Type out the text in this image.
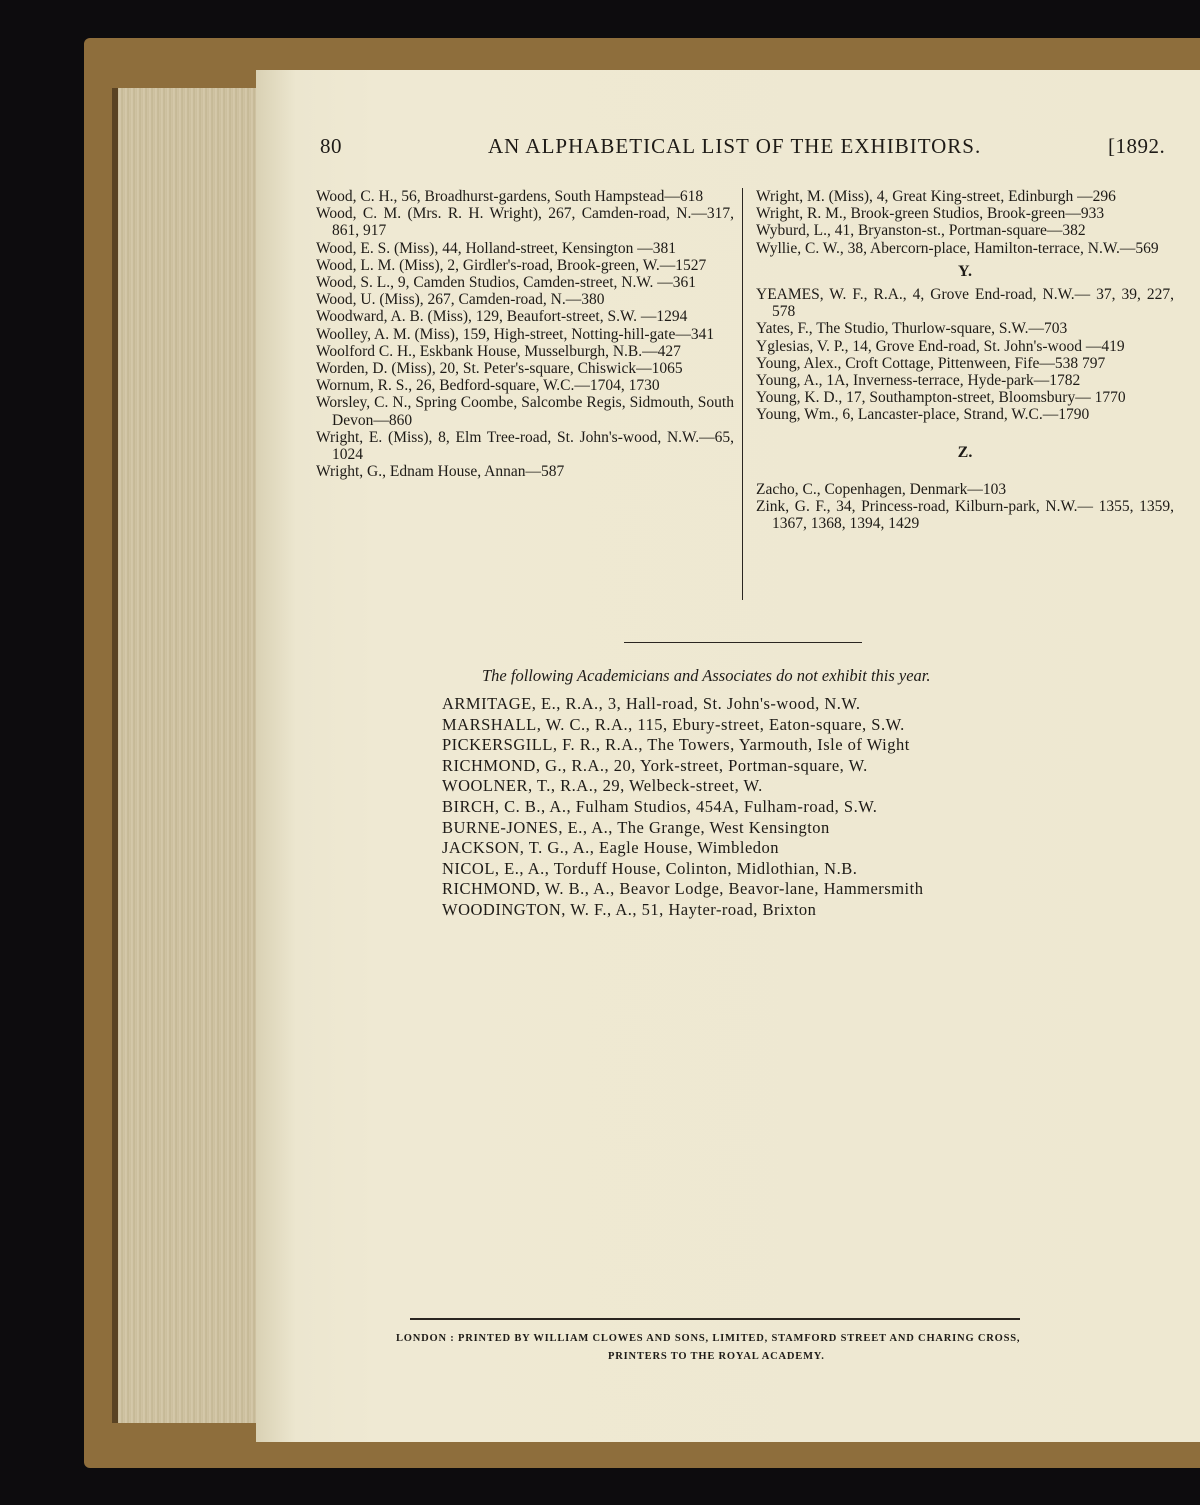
80	AN ALPHABETICAL LIST OF THE EXHIBITORS.	[1892.
Wood, C. H., 56, Broadhurst-gardens, South Hampstead—618
Wood, C. M. (Mrs. R. H. Wright), 267, Camden-road, N.—317, 861, 917
Wood, E. S. (Miss), 44, Holland-street, Kensington —381
Wood, L. M. (Miss), 2, Girdler's-road, Brook-green, W.—1527
Wood, S. L., 9, Camden Studios, Camden-street, N.W. —361
Wood, U. (Miss), 267, Camden-road, N.—380
Woodward, A. B. (Miss), 129, Beaufort-street, S.W. —1294
Woolley, A. M. (Miss), 159, High-street, Notting-hill-gate—341
Woolford C. H., Eskbank House, Musselburgh, N.B.—427
Worden, D. (Miss), 20, St. Peter's-square, Chiswick—1065
Wornum, R. S., 26, Bedford-square, W.C.—1704, 1730
Worsley, C. N., Spring Coombe, Salcombe Regis, Sidmouth, South Devon—860
Wright, E. (Miss), 8, Elm Tree-road, St. John's-wood, N.W.—65, 1024
Wright, G., Ednam House, Annan—587
Wright, M. (Miss), 4, Great King-street, Edinburgh —296
Wright, R. M., Brook-green Studios, Brook-green—933
Wyburd, L., 41, Bryanston-st., Portman-square—382
Wyllie, C. W., 38, Abercorn-place, Hamilton-terrace, N.W.—569
Y.
YEAMES, W. F., R.A., 4, Grove End-road, N.W.— 37, 39, 227, 578
Yates, F., The Studio, Thurlow-square, S.W.—703
Yglesias, V. P., 14, Grove End-road, St. John's-wood —419
Young, Alex., Croft Cottage, Pittenween, Fife—538 797
Young, A., 1A, Inverness-terrace, Hyde-park—1782
Young, K. D., 17, Southampton-street, Bloomsbury— 1770
Young, Wm., 6, Lancaster-place, Strand, W.C.—1790
Z.
Zacho, C., Copenhagen, Denmark—103
Zink, G. F., 34, Princess-road, Kilburn-park, N.W.— 1355, 1359, 1367, 1368, 1394, 1429
The following Academicians and Associates do not exhibit this year.
ARMITAGE, E., R.A., 3, Hall-road, St. John's-wood, N.W.
MARSHALL, W. C., R.A., 115, Ebury-street, Eaton-square, S.W.
PICKERSGILL, F. R., R.A., The Towers, Yarmouth, Isle of Wight
RICHMOND, G., R.A., 20, York-street, Portman-square, W.
WOOLNER, T., R.A., 29, Welbeck-street, W.
BIRCH, C. B., A., Fulham Studios, 454A, Fulham-road, S.W.
BURNE-JONES, E., A., The Grange, West Kensington
JACKSON, T. G., A., Eagle House, Wimbledon
NICOL, E., A., Torduff House, Colinton, Midlothian, N.B.
RICHMOND, W. B., A., Beavor Lodge, Beavor-lane, Hammersmith
WOODINGTON, W. F., A., 51, Hayter-road, Brixton
LONDON : PRINTED BY WILLIAM CLOWES AND SONS, LIMITED, STAMFORD STREET AND CHARING CROSS,
PRINTERS TO THE ROYAL ACADEMY.
